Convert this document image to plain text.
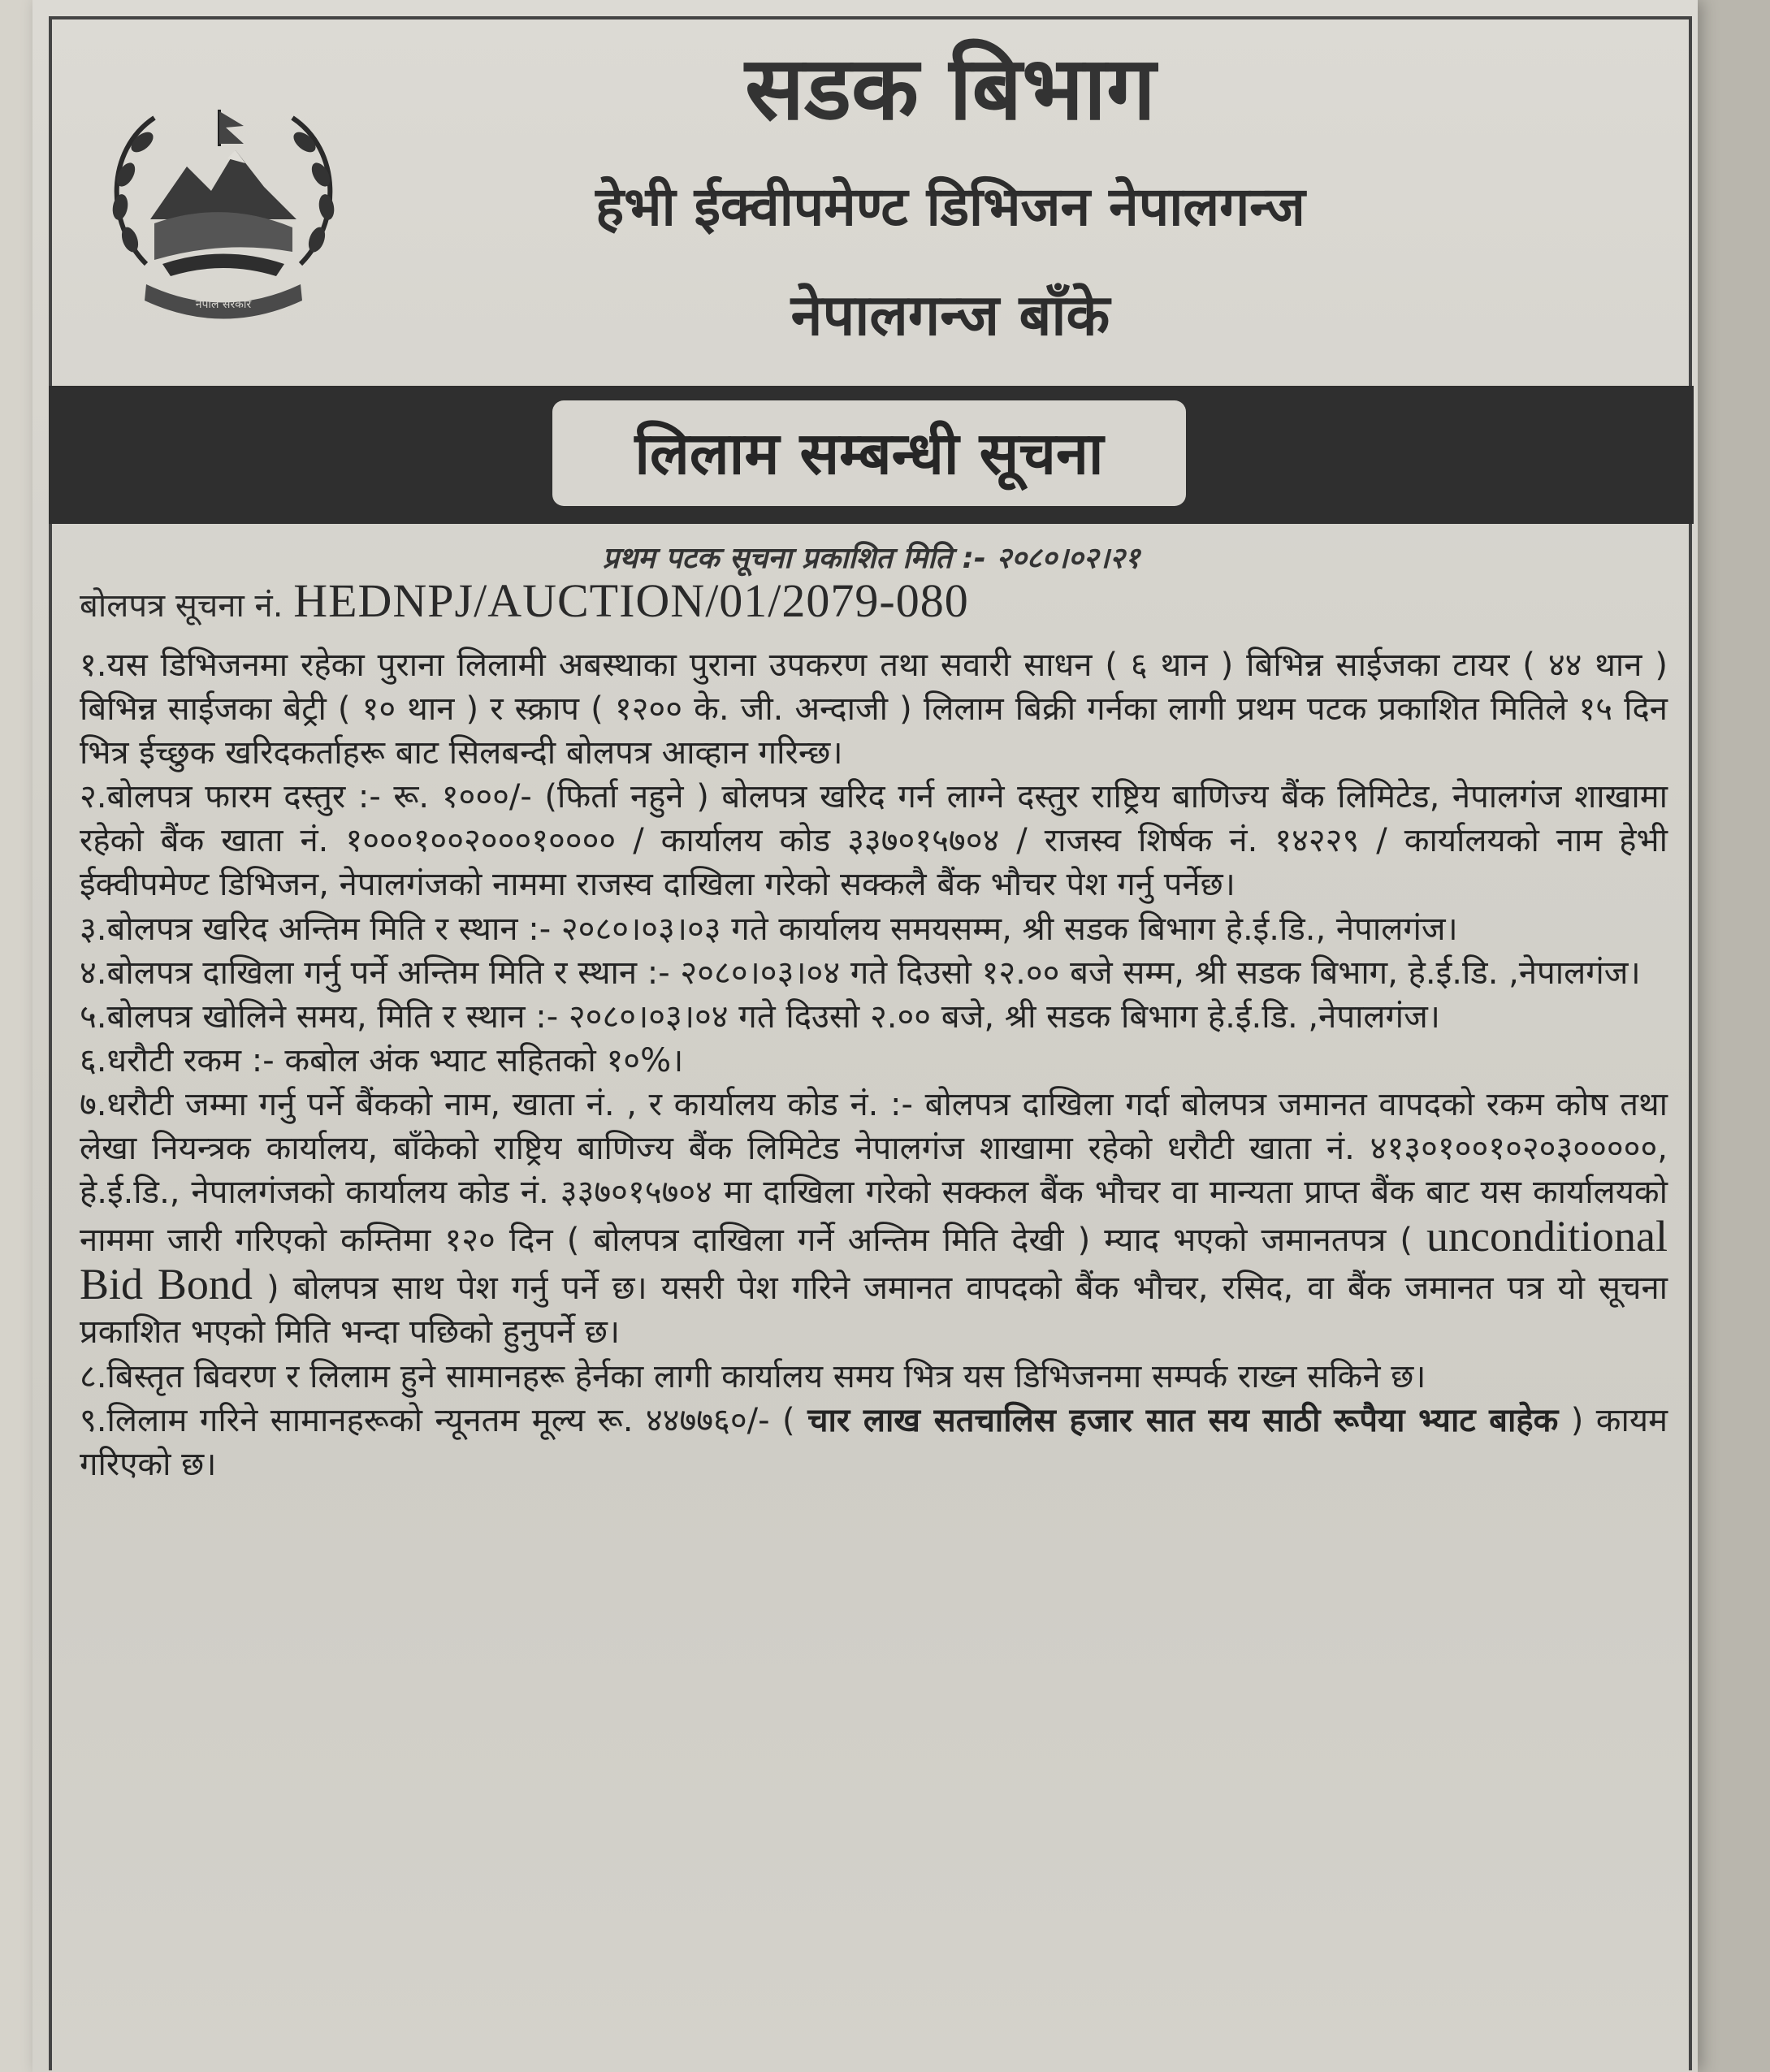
नेपाल सरकार
सडक बिभाग
हेभी ईक्वीपमेण्ट डिभिजन नेपालगन्ज
नेपालगन्ज बाँके
लिलाम सम्बन्धी सूचना
प्रथम पटक सूचना प्रकाशित मिति :- २०८०।०२।२१
बोलपत्र सूचना नं. HEDNPJ/AUCTION/01/2079-080

१.यस डिभिजनमा रहेका पुराना लिलामी अबस्थाका पुराना उपकरण तथा सवारी साधन ( ६ थान ) बिभिन्न साईजका टायर ( ४४ थान ) बिभिन्न साईजका बेट्री ( १० थान ) र स्क्राप ( १२०० के. जी. अन्दाजी ) लिलाम बिक्री गर्नका लागी प्रथम पटक प्रकाशित मितिले १५ दिन भित्र ईच्छुक खरिदकर्ताहरू बाट सिलबन्दी बोलपत्र आव्हान गरिन्छ।

२.बोलपत्र फारम दस्तुर :- रू. १०००/- (फिर्ता नहुने ) बोलपत्र खरिद गर्न लाग्ने दस्तुर राष्ट्रिय बाणिज्य बैंक लिमिटेड, नेपालगंज शाखामा रहेको बैंक खाता नं. १०००१००२०००१०००० / कार्यालय कोड ३३७०१५७०४ / राजस्व शिर्षक नं. १४२२९ / कार्यालयको नाम हेभी ईक्वीपमेण्ट डिभिजन, नेपालगंजको नाममा राजस्व दाखिला गरेको सक्कलै बैंक भौचर पेश गर्नु पर्नेछ।

३.बोलपत्र खरिद अन्तिम मिति र स्थान :- २०८०।०३।०३ गते कार्यालय समयसम्म, श्री सडक बिभाग हे.ई.डि., नेपालगंज।

४.बोलपत्र दाखिला गर्नु पर्ने अन्तिम मिति र स्थान :- २०८०।०३।०४ गते दिउसो १२.०० बजे सम्म, श्री सडक बिभाग, हे.ई.डि. ,नेपालगंज।

५.बोलपत्र खोलिने समय, मिति र स्थान :- २०८०।०३।०४ गते दिउसो २.०० बजे, श्री सडक बिभाग हे.ई.डि. ,नेपालगंज।

६.धरौटी रकम :- कबोल अंक भ्याट सहितको १०%।

७.धरौटी जम्मा गर्नु पर्ने बैंकको नाम, खाता नं. , र कार्यालय कोड नं. :- बोलपत्र दाखिला गर्दा बोलपत्र जमानत वापदको रकम कोष तथा लेखा नियन्त्रक कार्यालय, बाँकेको राष्ट्रिय बाणिज्य बैंक लिमिटेड नेपालगंज शाखामा रहेको धरौटी खाता नं. ४१३०१००१०२०३०००००, हे.ई.डि., नेपालगंजको कार्यालय कोड नं. ३३७०१५७०४ मा दाखिला गरेको सक्कल बैंक भौचर वा मान्यता प्राप्त बैंक बाट यस कार्यालयको नाममा जारी गरिएको कम्तिमा १२० दिन ( बोलपत्र दाखिला गर्ने अन्तिम मिति देखी ) म्याद भएको जमानतपत्र ( unconditional Bid Bond ) बोलपत्र साथ पेश गर्नु पर्ने छ। यसरी पेश गरिने जमानत वापदको बैंक भौचर, रसिद, वा बैंक जमानत पत्र यो सूचना प्रकाशित भएको मिति भन्दा पछिको हुनुपर्ने छ।

८.बिस्तृत बिवरण र लिलाम हुने सामानहरू हेर्नका लागी कार्यालय समय भित्र यस डिभिजनमा सम्पर्क राख्न सकिने छ।

९.लिलाम गरिने सामानहरूको न्यूनतम मूल्य रू. ४४७७६०/- ( चार लाख सतचालिस हजार सात सय साठी रूपैया भ्याट बाहेक ) कायम गरिएको छ।
